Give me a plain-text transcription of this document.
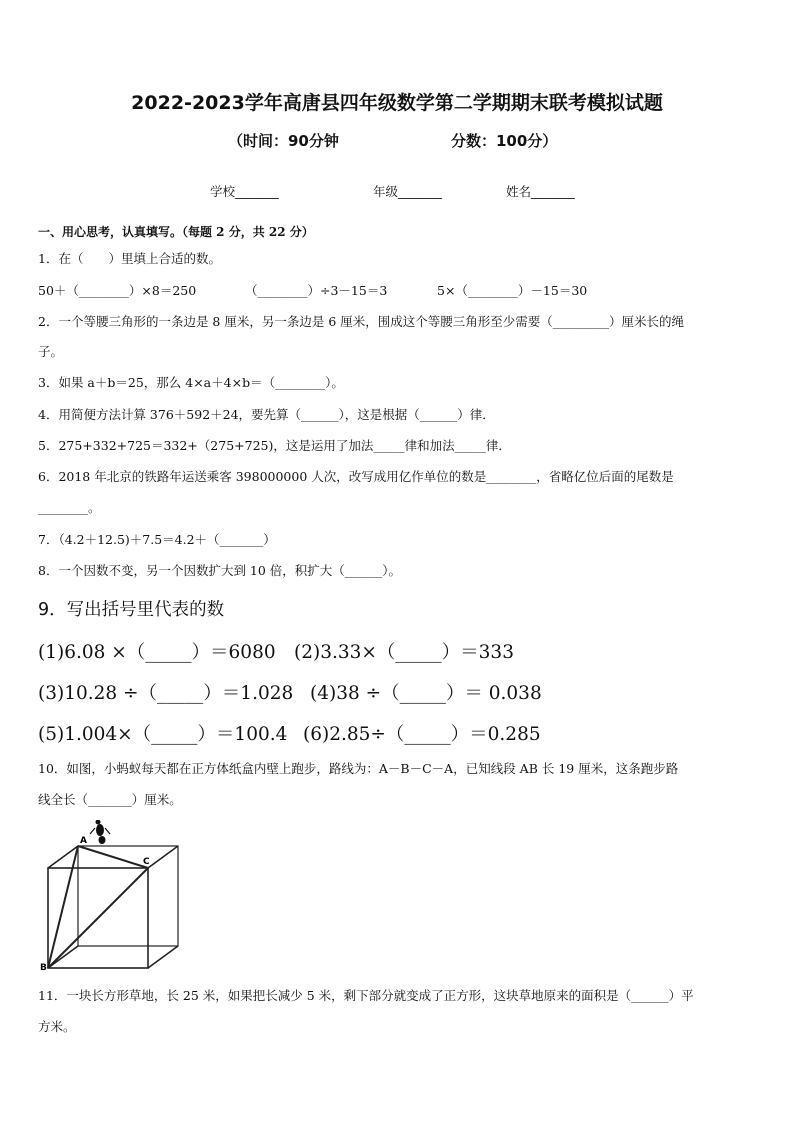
2022-2023学年高唐县四年级数学第二学期期末联考模拟试题
（时间：90分钟	分数：100分）
学校_______	年级_______	姓名_______
一、用心思考，认真填写。（每题 2 分，共 22 分）
1．在（　　）里填上合适的数。
50＋（________）×8＝250	（________）÷3－15＝3	5×（________）－15＝30
2．一个等腰三角形的一条边是 8 厘米，另一条边是 6 厘米，围成这个等腰三角形至少需要（_________）厘米长的绳
子。
3．如果 a＋b＝25，那么 4×a＋4×b＝（________）。
4．用简便方法计算 376＋592＋24，要先算（______），这是根据（______）律．
5．275+332+725＝332+（275+725)，这是运用了加法_____律和加法_____律．
6．2018 年北京的铁路年运送乘客 398000000 人次，改写成用亿作单位的数是________，省略亿位后面的尾数是
________。
7．（4.2＋12.5)＋7.5＝4.2＋（_______）
8．一个因数不变，另一个因数扩大到 10 倍，积扩大（______）。
9．写出括号里代表的数
(1)6.08 ×（_____）＝6080 (2)3.33×（_____）＝333
(3)10.28 ÷（_____）＝1.028 (4)38 ÷（_____）＝ 0.038
(5)1.004×（_____）＝100.4 (6)2.85÷（_____）＝0.285
10．如图，小蚂蚁每天都在正方体纸盒内壁上跑步，路线为：A－B－C－A，已知线段 AB 长 19 厘米，这条跑步路
线全长（_______）厘米。
A
B
C
11．一块长方形草地，长 25 米，如果把长减少 5 米，剩下部分就变成了正方形，这块草地原来的面积是（______）平
方米。
